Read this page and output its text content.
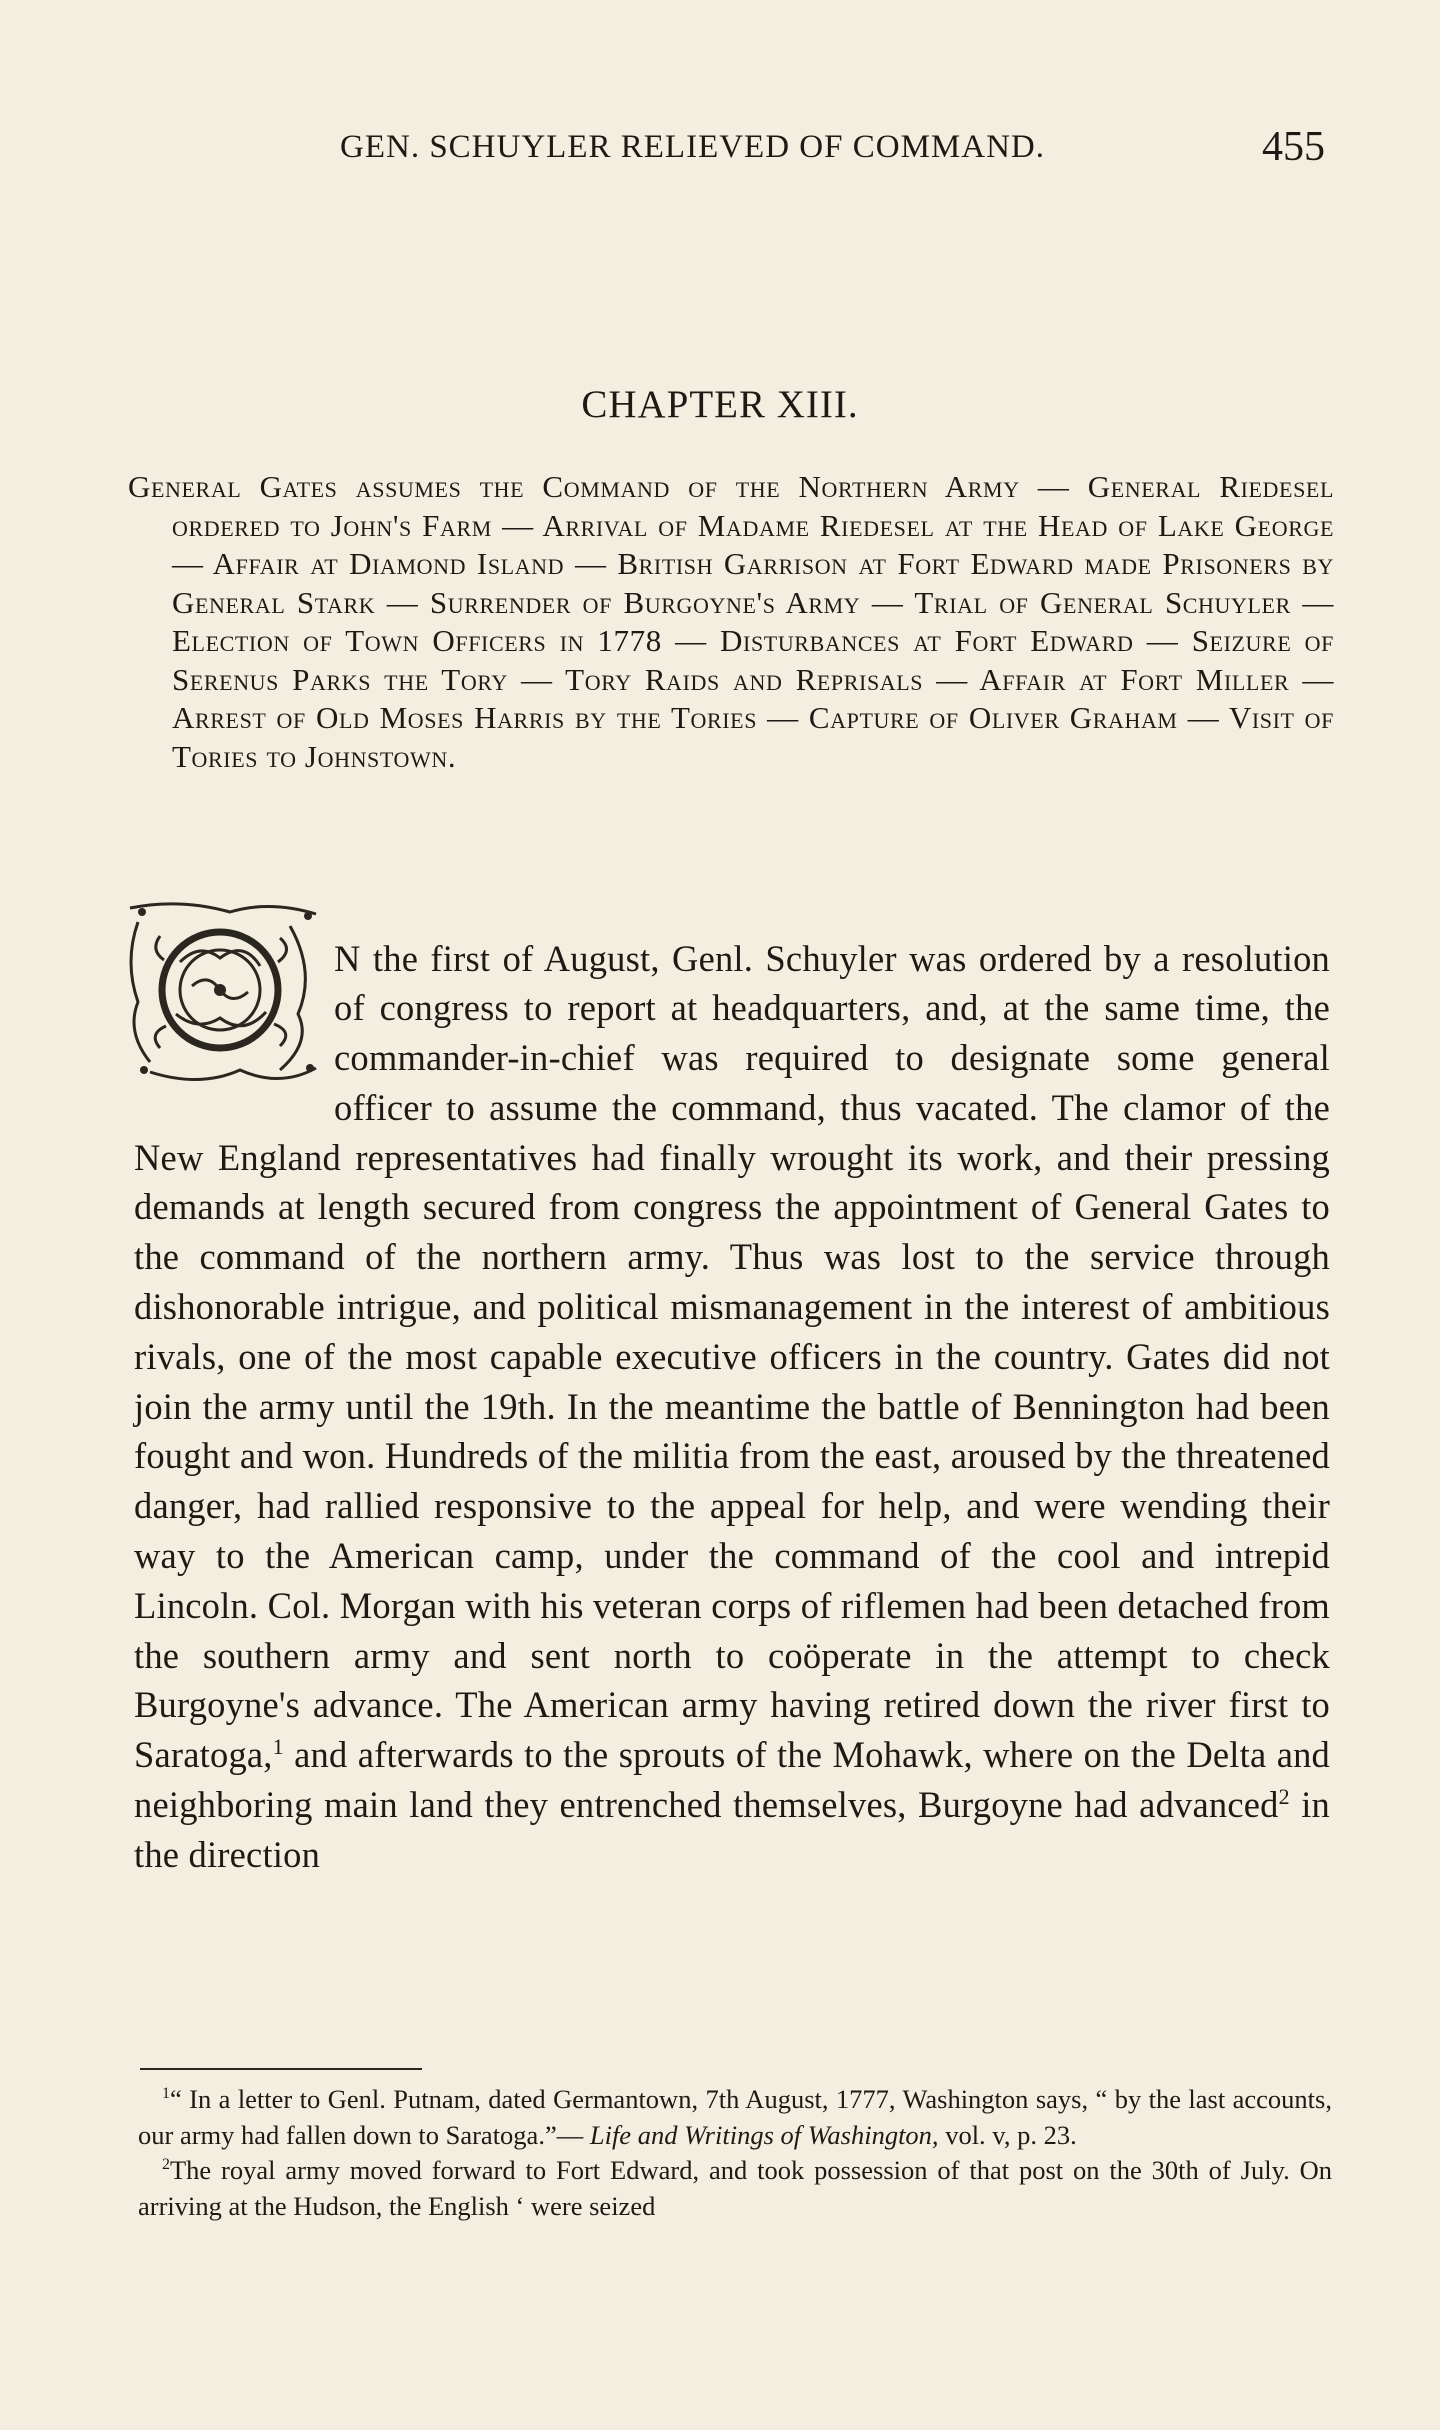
GEN. SCHUYLER RELIEVED OF COMMAND.	455
CHAPTER XIII.
General Gates assumes the Command of the Northern Army — General Riedesel ordered to John's Farm — Arrival of Madame Riedesel at the Head of Lake George — Affair at Diamond Island — British Garrison at Fort Edward made Prisoners by General Stark — Surrender of Burgoyne's Army — Trial of General Schuyler — Election of Town Officers in 1778 — Disturbances at Fort Edward — Seizure of Serenus Parks the Tory — Tory Raids and Reprisals — Affair at Fort Miller — Arrest of Old Moses Harris by the Tories — Capture of Oliver Graham — Visit of Tories to Johnstown.

N the first of August, Genl. Schuyler was ordered by a resolution of congress to report at headquarters, and, at the same time, the commander-in-chief was required to designate some general officer to assume the command, thus vacated. The clamor of the New England representatives had finally wrought its work, and their pressing demands at length secured from congress the appointment of General Gates to the command of the northern army. Thus was lost to the service through dishonorable intrigue, and political mismanagement in the interest of ambitious rivals, one of the most capable executive officers in the country. Gates did not join the army until the 19th. In the meantime the battle of Bennington had been fought and won. Hundreds of the militia from the east, aroused by the threatened danger, had rallied responsive to the appeal for help, and were wending their way to the American camp, under the command of the cool and intrepid Lincoln. Col. Morgan with his veteran corps of riflemen had been detached from the southern army and sent north to coöperate in the attempt to check Burgoyne's advance. The American army having retired down the river first to Saratoga,$^1$ and afterwards to the sprouts of the Mohawk, where on the Delta and neighboring main land they entrenched themselves, Burgoyne had advanced$^2$ in the direction

$^1$“ In a letter to Genl. Putnam, dated Germantown, 7th August, 1777, Washington says, “ by the last accounts, our army had fallen down to Saratoga.”— Life and Writings of Washington, vol. v, p. 23.

$^2$The royal army moved forward to Fort Edward, and took possession of that post on the 30th of July. On arriving at the Hudson, the English ‘ were seized
